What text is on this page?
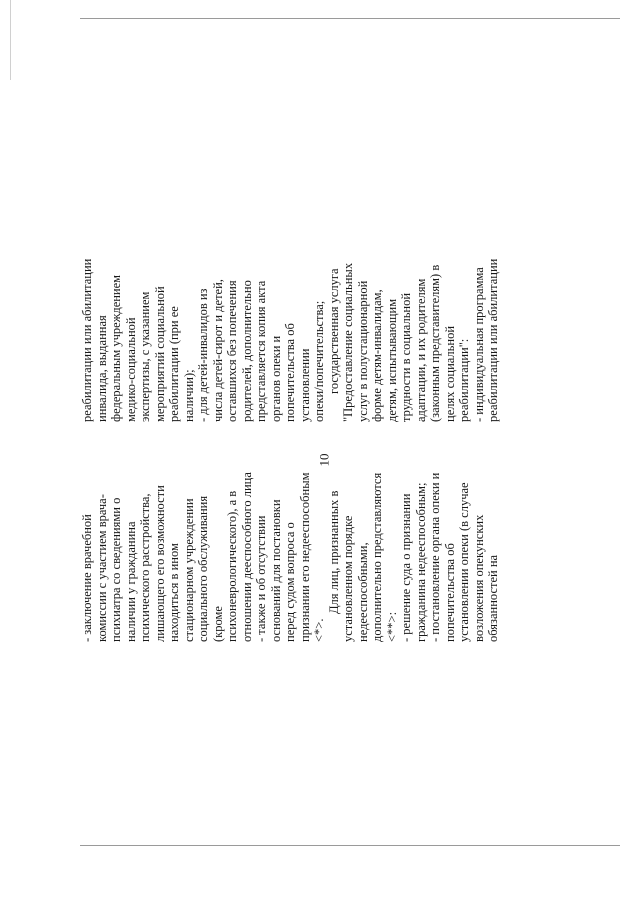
- заключение врачебной комиссии с участием врача- психиатра со сведениями о наличии у гражданина психического расстройства, лишающего его возможности находиться в ином стационарном учреждении социального обслуживания (кроме психоневрологического), а в отношении дееспособного лица - также и об отсутствии оснований для постановки перед судом вопроса о признании его недееспособным <*>.
Для лиц, признанных в установленном порядке недееспособными, дополнительно представляются <**>: - решение суда о признании гражданина недееспособным; - постановление органа опеки и попечительства об установлении опеки (в случае возложения опекунских обязанностей на
реабилитации или абилитации инвалида, выданная федеральным учреждением медико-социальной экспертизы, с указанием мероприятий социальной реабилитации (при ее наличии); - для детей-инвалидов из числа детей-сирот и детей, оставшихся без попечения родителей, дополнительно представляется копия акта органов опеки и попечительства об установлении опеки/попечительства; государственная услуга "Предоставление социальных услуг в полустационарной форме детям-инвалидам, детям, испытывающим трудности в социальной адаптации, и их родителям (законным представителям) в целях социальной реабилитации": - индивидуальная программа реабилитации или абилитации
10
